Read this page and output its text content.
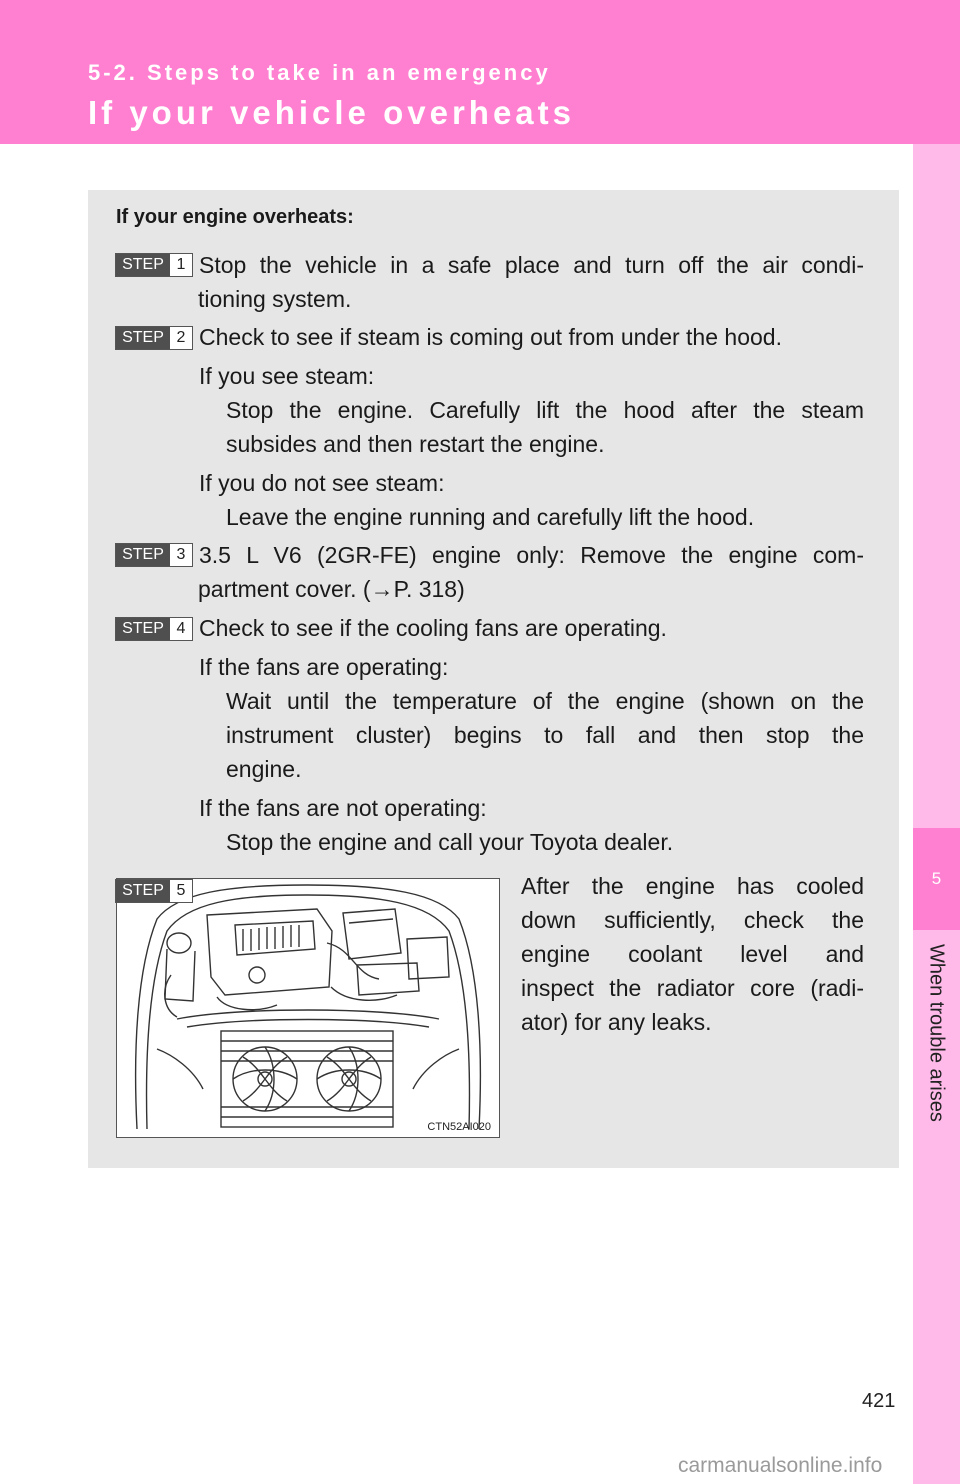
5-2. Steps to take in an emergency
If your vehicle overheats
5
When trouble arises
If your engine overheats:
STEP 1 Stop the vehicle in a safe place and turn off the air condi-
tioning system.
STEP 2 Check to see if steam is coming out from under the hood.
If you see steam:
Stop the engine. Carefully lift the hood after the steam
subsides and then restart the engine.
If you do not see steam:
Leave the engine running and carefully lift the hood.
STEP 3 3.5 L V6 (2GR-FE) engine only: Remove the engine com-
partment cover. (→P. 318)
STEP 4 Check to see if the cooling fans are operating.
If the fans are operating:
Wait until the temperature of the engine (shown on the
instrument cluster) begins to fall and then stop the
engine.
If the fans are not operating:
Stop the engine and call your Toyota dealer.
CTN52AI020
STEP 5	After the engine has cooled
down sufficiently, check the
engine coolant level and
inspect the radiator core (radi-
ator) for any leaks.
421
carmanualsonline.info
